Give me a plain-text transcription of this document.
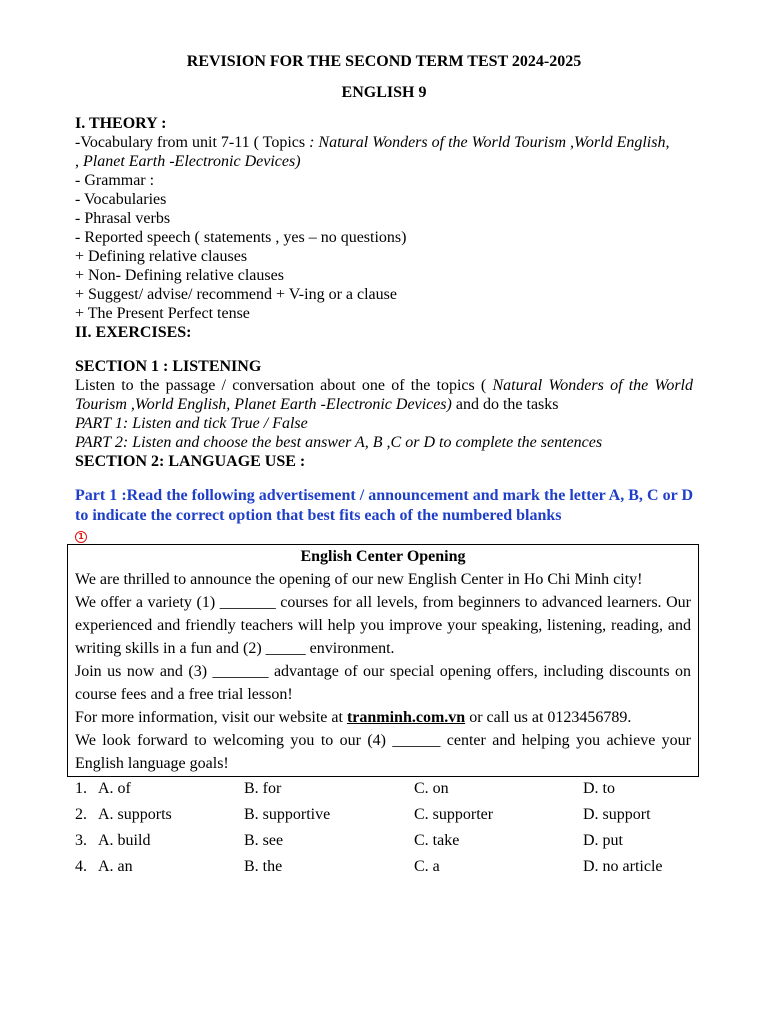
REVISION FOR THE SECOND TERM TEST 2024-2025
ENGLISH 9
I. THEORY :
-Vocabulary from unit 7-11 ( Topics : Natural Wonders of the World Tourism ,World English,
, Planet Earth -Electronic Devices)
- Grammar :
- Vocabularies
- Phrasal verbs
- Reported speech ( statements , yes – no questions)
+ Defining relative clauses
+ Non- Defining relative clauses
+ Suggest/ advise/ recommend + V-ing or a clause
+ The Present Perfect tense
II. EXERCISES:
SECTION 1 : LISTENING
Listen to the passage / conversation about one of the topics ( Natural Wonders of the World Tourism ,World English, Planet Earth -Electronic Devices) and do the tasks
PART 1: Listen and tick True / False
PART 2: Listen and choose the best answer A, B ,C or D to complete the sentences
SECTION 2: LANGUAGE USE :
Part 1 :Read the following advertisement / announcement and mark the letter A, B, C or D to indicate the correct option that best fits each of the numbered blanks
1
English Center Opening
We are thrilled to announce the opening of our new English Center in Ho Chi Minh city!
We offer a variety (1) _______ courses for all levels, from beginners to advanced learners. Our experienced and friendly teachers will help you improve your speaking, listening, reading, and writing skills in a fun and (2) _____ environment.
Join us now and (3) _______ advantage of our special opening offers, including discounts on course fees and a free trial lesson!
For more information, visit our website at tranminh.com.vn or call us at 0123456789.
We look forward to welcoming you to our (4) ______ center and helping you achieve your English language goals!
1. A. of	B. for	C. on	D. to
2. A. supports	B. supportive	C. supporter	D. support
3. A. build	B. see	C. take	D. put
4. A. an	B. the	C. a	D. no article
